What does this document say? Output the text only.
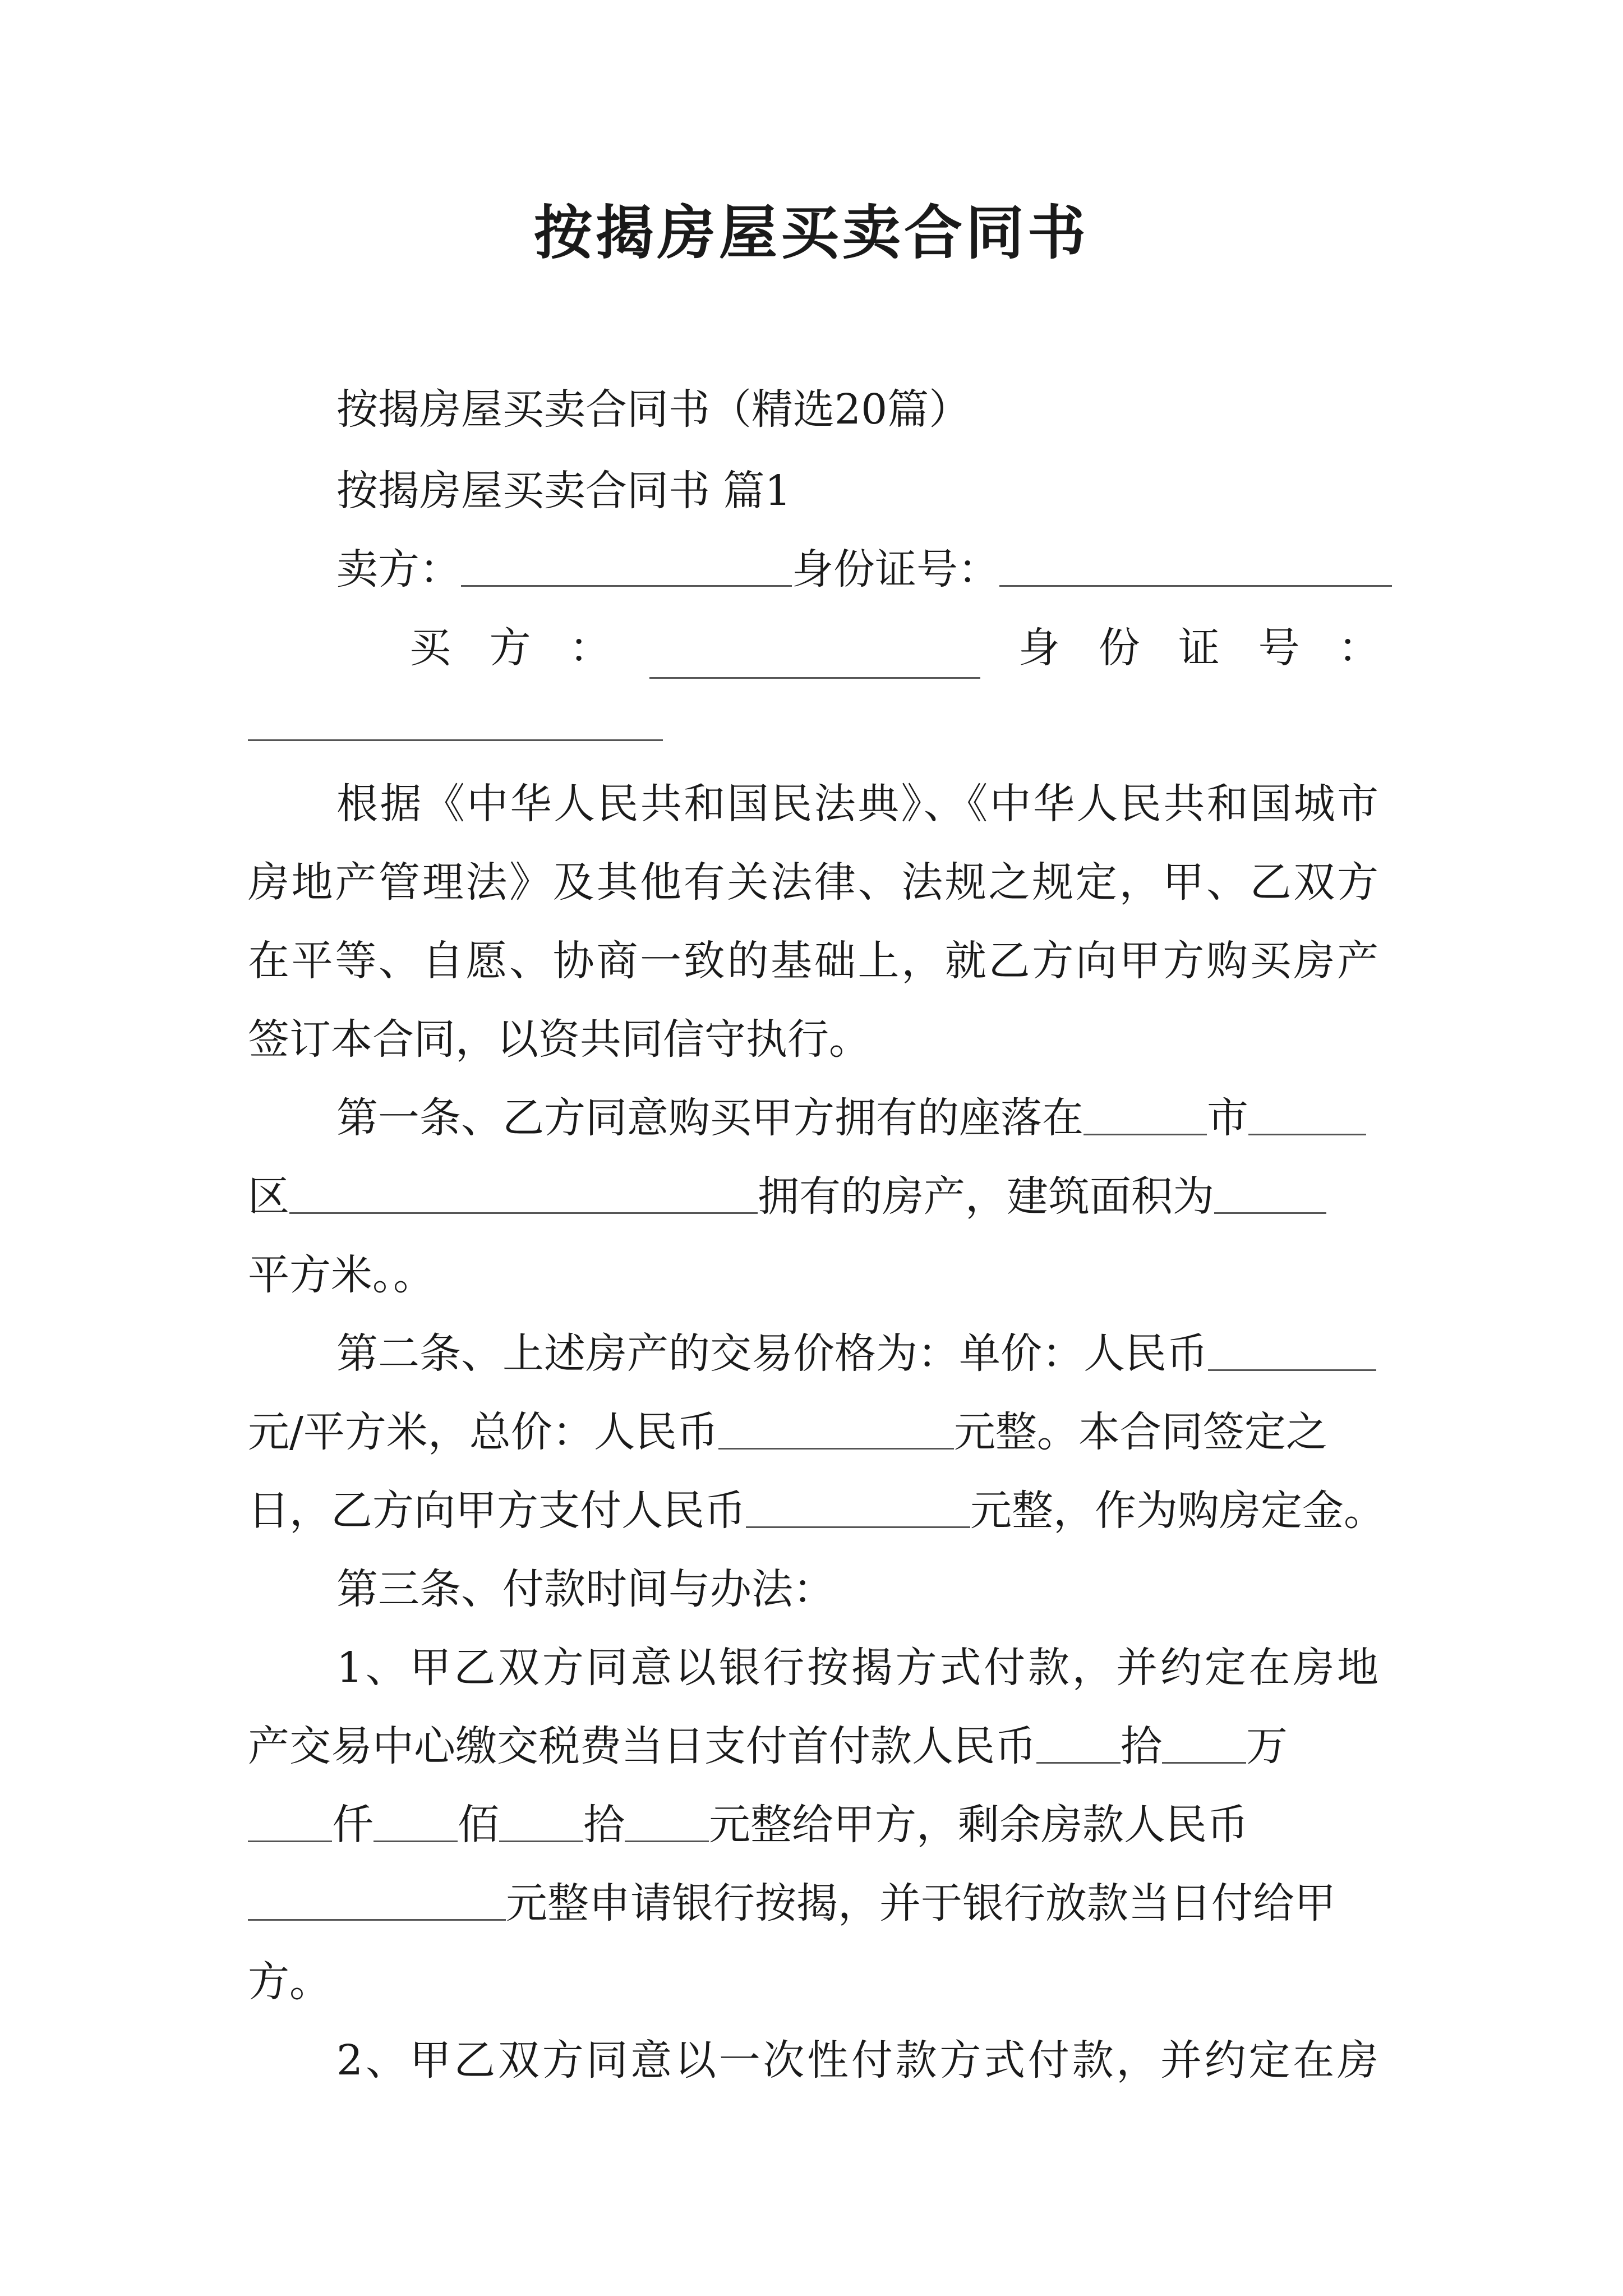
按揭房屋买卖合同书
按揭房屋买卖合同书（精选20篇）
按揭房屋买卖合同书 篇1
卖方：	身份证号：
买 方 ：	身 份 证 号 ：
根据《中华人民共和国民法典》、《中华人民共和国城市
房地产管理法》及其他有关法律、法规之规定，甲、乙双方
在平等、自愿、协商一致的基础上，就乙方向甲方购买房产
签订本合同，以资共同信守执行。
第一条、乙方同意购买甲方拥有的座落在	市
区	拥有的房产，建筑面积为
平方米。。
第二条、上述房产的交易价格为：单价：人民币
元/平方米，总价：人民币	元整。本合同签定之
日，乙方向甲方支付人民币	元整，作为购房定金。
第三条、付款时间与办法：
1、甲乙双方同意以银行按揭方式付款，并约定在房地
产交易中心缴交税费当日支付首付款人民币 拾 万
仟 佰 拾 元整给甲方，剩余房款人民币
元整申请银行按揭，并于银行放款当日付给甲
方。
2、甲乙双方同意以一次性付款方式付款，并约定在房
